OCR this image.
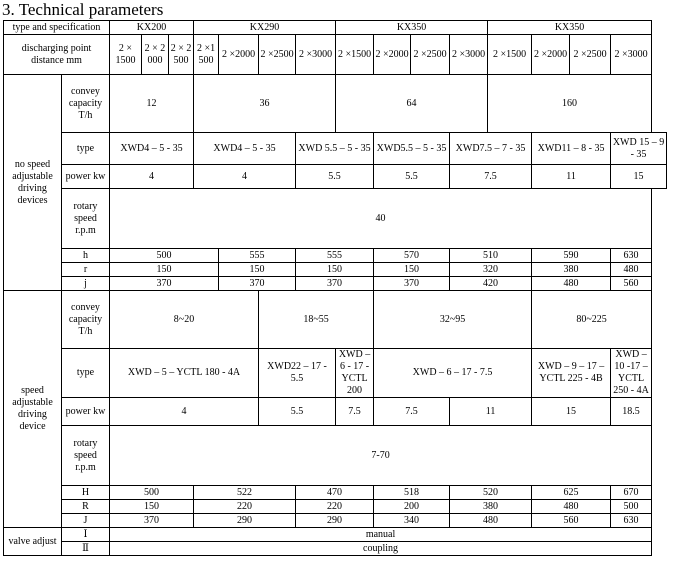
3. Technical parameters
type and specification		KX200			KX290				KX350				KX350			
discharging point distance mm		2 × 1500	2 × 2000	2 × 2500	2 ×1500	2 ×2000	2 ×2500	2 ×3000	2 ×1500	2 ×2000	2 ×2500	2 ×3000	2 ×1500	2 ×2000	2 ×2500	2 ×3000
no speed adjustable driving devices	convey capacity T/h	12			36				64				160			
	type	XWD4 – 5 - 35			XWD4 – 5 - 35			XWD 5.5 – 5 - 35		XWD5.5 – 5 - 35		XWD7.5 – 7 - 35		XWD11 – 8 - 35		XWD 15 – 9 - 35
	power kw	4			4			5.5		5.5		7.5		11		15
	rotary speed r.p.m	40														
	h	500				555		555		570		510		590		630
	r	150				150		150		150		320		380		480
	j	370				370		370		370		420		480		560
speed adjustable driving device	convey capacity T/h	8~20					18~55			32~95				80~225		
	type	XWD – 5 – YCTL 180 - 4A					XWD22 – 17 - 5.5		XWD – 6 - 17 - YCTL 200	XWD – 6 – 17 - 7.5				XWD – 9 – 17 – YCTL 225 - 4B		XWD – 10 -17 – YCTL 250 - 4A
	power kw	4					5.5		7.5	7.5		11		15		18.5
	rotary speed r.p.m	7-70														
	H	500			522			470		518		520		625		670
	R	150			220			220		200		380		480		500
	J	370			290			290		340		480		560		630
valve adjust	Ⅰ	manual														
	Ⅱ	coupling														
